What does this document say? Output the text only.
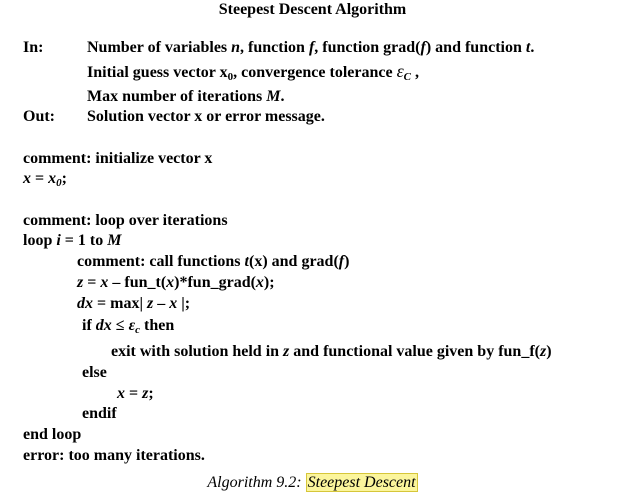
Steepest Descent Algorithm
In:	Number of variables n, function f, function grad(f) and function t.
Initial guess vector $x_0$, convergence tolerance $\varepsilon_C$ ,
Max number of iterations M.
Out: Solution vector x or error message.
comment: initialize vector x
$x = x_0$;
comment: loop over iterations
loop i = 1 to M
comment: call functions t(x) and grad(f)
z = x – fun_t(x)*fun_grad(x);
dx = max| z – x |;
if dx ≤ $\varepsilon_c$ then
exit with solution held in z and functional value given by fun_f(z)
else
x = z;
endif
end loop
error: too many iterations.
Algorithm 9.2: Steepest Descent
